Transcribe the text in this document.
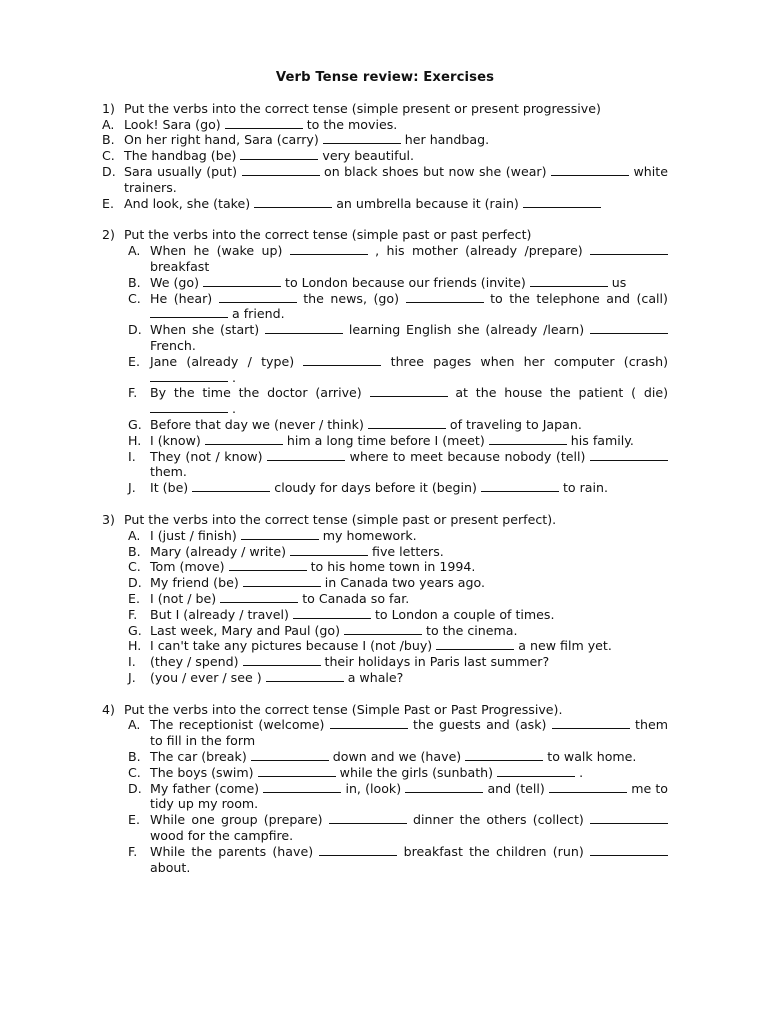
Verb Tense review: Exercises
1) Put the verbs into the correct tense (simple present or present progressive)
A. Look! Sara (go)	to the movies.
B. On her right hand, Sara (carry)	her handbag.
C. The handbag (be)	very beautiful.
D. Sara usually (put)	on black shoes but now she (wear)	white trainers.
E. And look, she (take)	an umbrella because it (rain)
2) Put the verbs into the correct tense (simple past or past perfect)
A. When he (wake up)	, his mother (already /prepare)  breakfast
B. We (go)	to London because our friends (invite)	us
C. He (hear)	the news, (go)	to the telephone and (call)  a friend.
D. When she (start)	learning English she (already /learn)  French.
E. Jane (already / type)	three pages when her computer (crash)  .
F.	By the time the doctor (arrive)	at the house the patient ( die)  .
G. Before that day we (never / think)	of traveling to Japan.
H. I (know)	him a long time before I (meet)	his family.
I.	They (not / know)	where to meet because nobody (tell)  them.
J.	It (be)	cloudy for days before it (begin)	to rain.
3) Put the verbs into the correct tense (simple past or present perfect).
A. I (just / finish)	my homework.
B. Mary (already / write)	five letters.
C. Tom (move)	to his home town in 1994.
D. My friend (be)	in Canada two years ago.
E. I (not / be)	to Canada so far.
F.	But I (already / travel)	to London a couple of times.
G. Last week, Mary and Paul (go)	to the cinema.
H. I can't take any pictures because I (not /buy)	a new film yet.
I.	(they / spend)	their holidays in Paris last summer?
J.	(you / ever / see )	a whale?
4) Put the verbs into the correct tense (Simple Past or Past Progressive).
A. The receptionist (welcome)	the guests and (ask)	them to fill in the form
B. The car (break)	down and we (have)	to walk home.
C. The boys (swim)	while the girls (sunbath)	.
D. My father (come)	in, (look)	and (tell)	me to tidy up my room.
E. While one group (prepare)	dinner the others (collect)  wood for the campfire.
F.	While the parents (have)	breakfast the children (run)  about.
